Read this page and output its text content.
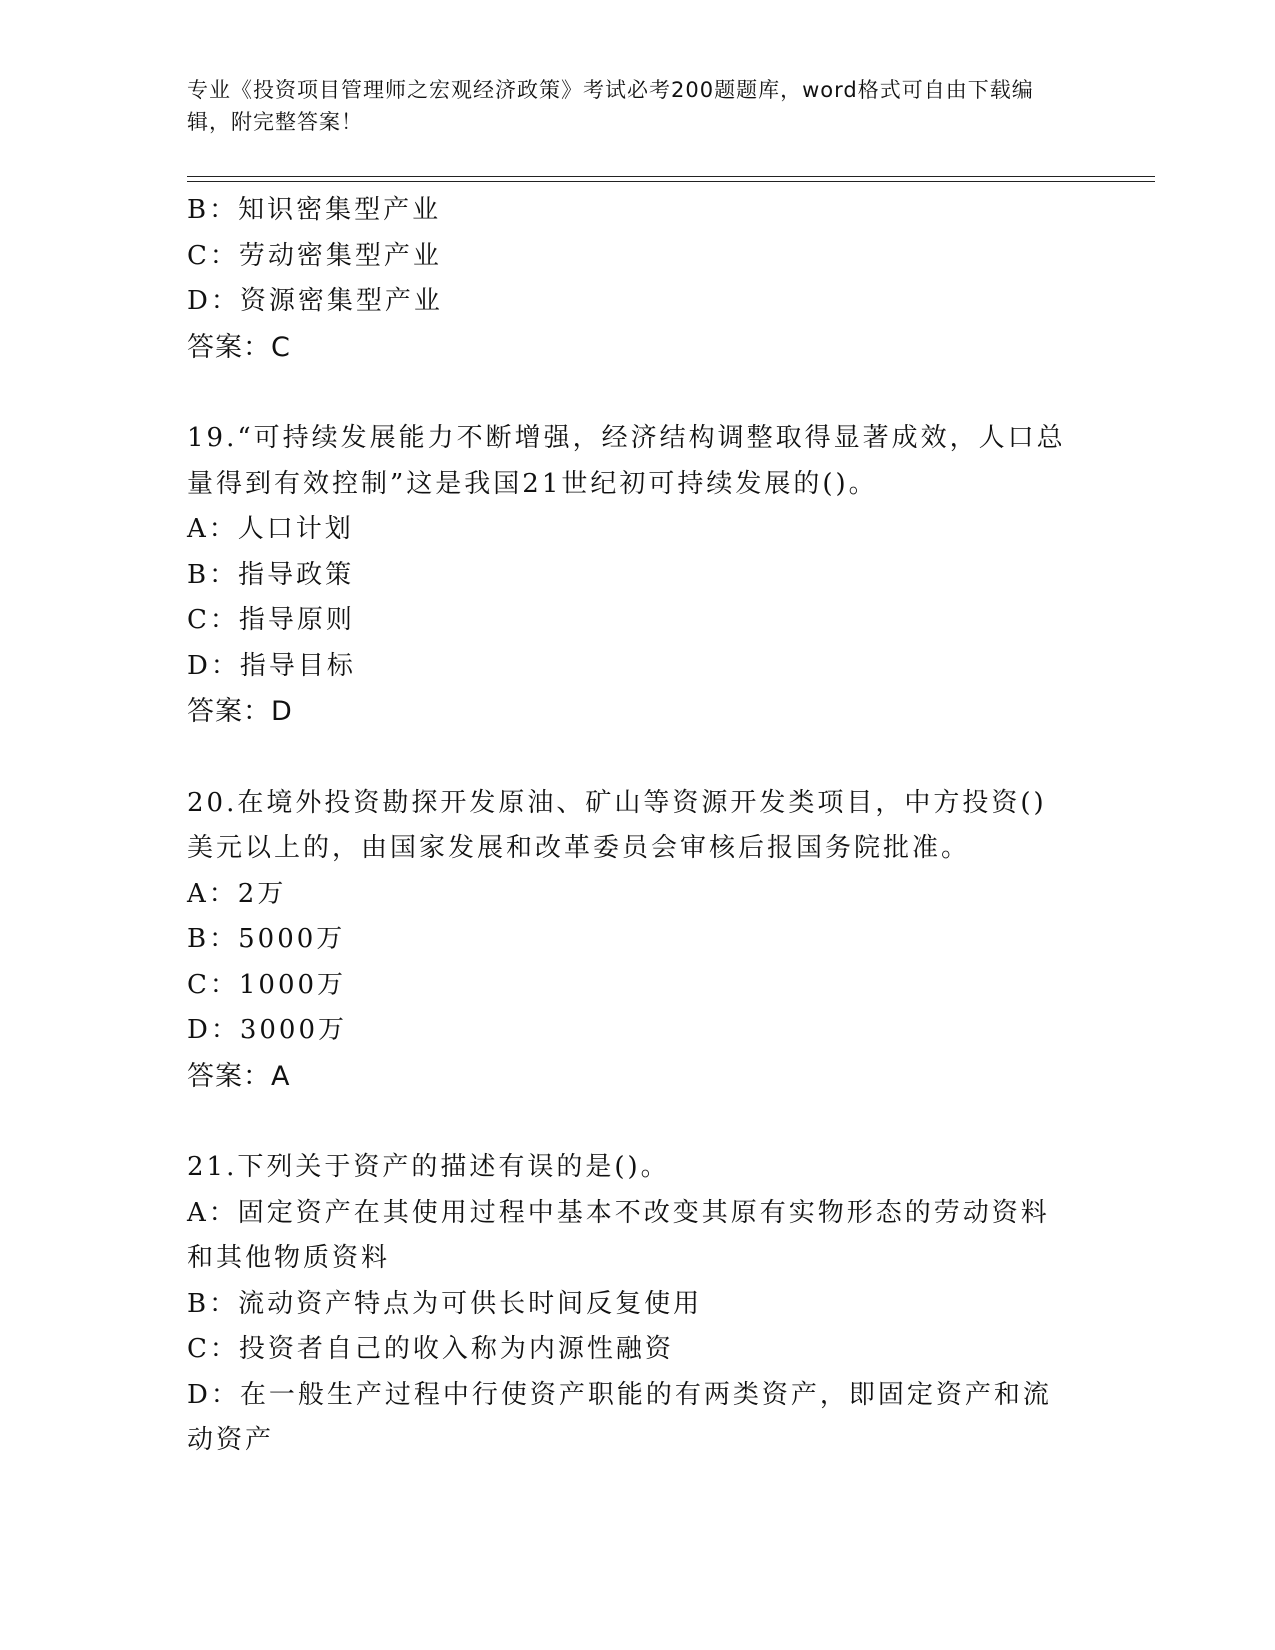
专业《投资项目管理师之宏观经济政策》考试必考200题题库，word格式可自由下载编辑，附完整答案！

B：知识密集型产业

C：劳动密集型产业

D：资源密集型产业

答案：C

19.“可持续发展能力不断增强，经济结构调整取得显著成效，人口总量得到有效控制”这是我国21世纪初可持续发展的()。

A：人口计划

B：指导政策

C：指导原则

D：指导目标

答案：D

20.在境外投资勘探开发原油、矿山等资源开发类项目，中方投资()美元以上的，由国家发展和改革委员会审核后报国务院批准。

A：2万

B：5000万

C：1000万

D：3000万

答案：A

21.下列关于资产的描述有误的是()。

A：固定资产在其使用过程中基本不改变其原有实物形态的劳动资料和其他物质资料

B：流动资产特点为可供长时间反复使用

C：投资者自己的收入称为内源性融资

D：在一般生产过程中行使资产职能的有两类资产，即固定资产和流动资产
